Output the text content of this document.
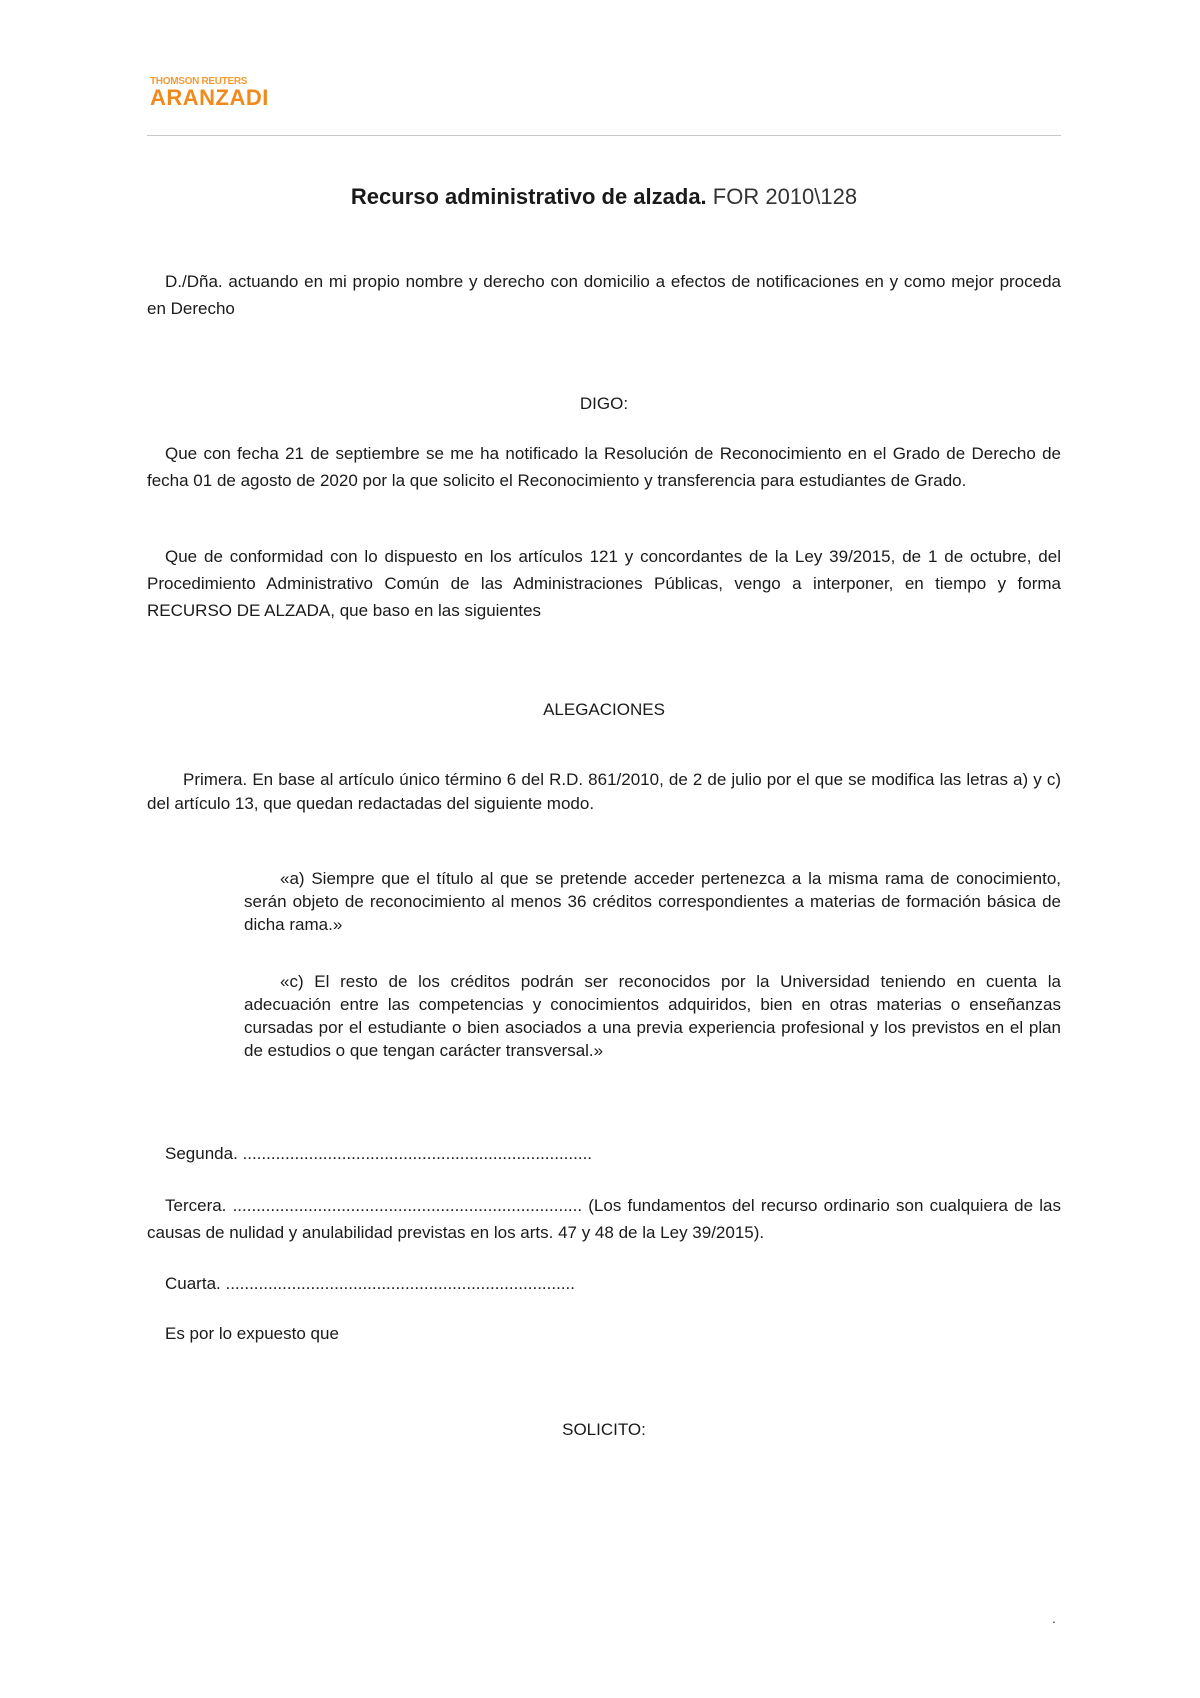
THOMSON REUTERS
ARANZADI
Recurso administrativo de alzada. FOR 2010\128
D./Dña. actuando en mi propio nombre y derecho con domicilio a efectos de notificaciones en y como mejor proceda en Derecho
DIGO:
Que con fecha 21 de septiembre se me ha notificado la Resolución de Reconocimiento en el Grado de Derecho de fecha 01 de agosto de 2020 por la que solicito el Reconocimiento y transferencia para estudiantes de Grado.
Que de conformidad con lo dispuesto en los artículos 121 y concordantes de la Ley 39/2015, de 1 de octubre, del Procedimiento Administrativo Común de las Administraciones Públicas, vengo a interponer, en tiempo y forma RECURSO DE ALZADA, que baso en las siguientes
ALEGACIONES
Primera. En base al artículo único término 6 del R.D. 861/2010, de 2 de julio por el que se modifica las letras a) y c) del artículo 13, que quedan redactadas del siguiente modo.
«a) Siempre que el título al que se pretende acceder pertenezca a la misma rama de conocimiento, serán objeto de reconocimiento al menos 36 créditos correspondientes a materias de formación básica de dicha rama.»
«c) El resto de los créditos podrán ser reconocidos por la Universidad teniendo en cuenta la adecuación entre las competencias y conocimientos adquiridos, bien en otras materias o enseñanzas cursadas por el estudiante o bien asociados a una previa experiencia profesional y los previstos en el plan de estudios o que tengan carácter transversal.»
Segunda. ..........................................................................
Tercera. .......................................................................... (Los fundamentos del recurso ordinario son cualquiera de las causas de nulidad y anulabilidad previstas en los arts. 47 y 48 de la Ley 39/2015).
Cuarta. ..........................................................................
Es por lo expuesto que
SOLICITO:
.
